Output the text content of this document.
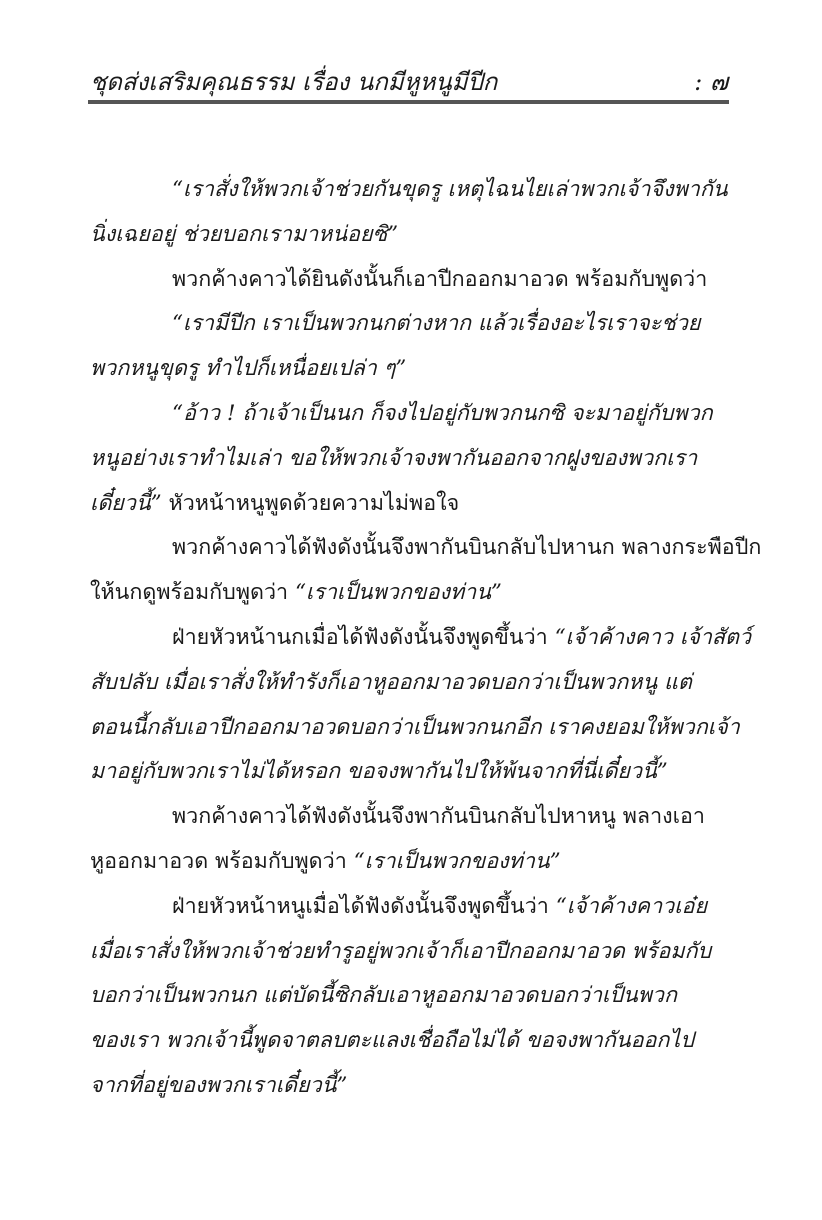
ชุดส่งเสริมคุณธรรม เรื่อง นกมีหูหนูมีปีก	: ๗
“เราสั่งให้พวกเจ้าช่วยกันขุดรู เหตุไฉนไยเล่าพวกเจ้าจึงพากัน
นิ่งเฉยอยู่ ช่วยบอกเรามาหน่อยซิ”
พวกค้างคาวได้ยินดังนั้นก็เอาปีกออกมาอวด พร้อมกับพูดว่า
“เรามีปีก เราเป็นพวกนกต่างหาก แล้วเรื่องอะไรเราจะช่วย
พวกหนูขุดรู ทำไปก็เหนื่อยเปล่า ๆ”
“อ้าว ! ถ้าเจ้าเป็นนก ก็จงไปอยู่กับพวกนกซิ จะมาอยู่กับพวก
หนูอย่างเราทำไมเล่า ขอให้พวกเจ้าจงพากันออกจากฝูงของพวกเรา
เดี๋ยวนี้” หัวหน้าหนูพูดด้วยความไม่พอใจ
พวกค้างคาวได้ฟังดังนั้นจึงพากันบินกลับไปหานก พลางกระพือปีก
ให้นกดูพร้อมกับพูดว่า “เราเป็นพวกของท่าน”
ฝ่ายหัวหน้านกเมื่อได้ฟังดังนั้นจึงพูดขึ้นว่า “เจ้าค้างคาว เจ้าสัตว์
สับปลับ เมื่อเราสั่งให้ทำรังก็เอาหูออกมาอวดบอกว่าเป็นพวกหนู แต่
ตอนนี้กลับเอาปีกออกมาอวดบอกว่าเป็นพวกนกอีก เราคงยอมให้พวกเจ้า
มาอยู่กับพวกเราไม่ได้หรอก ขอจงพากันไปให้พ้นจากที่นี่เดี๋ยวนี้”
พวกค้างคาวได้ฟังดังนั้นจึงพากันบินกลับไปหาหนู พลางเอา
หูออกมาอวด พร้อมกับพูดว่า “เราเป็นพวกของท่าน”
ฝ่ายหัวหน้าหนูเมื่อได้ฟังดังนั้นจึงพูดขึ้นว่า “เจ้าค้างคาวเอ๋ย
เมื่อเราสั่งให้พวกเจ้าช่วยทำรูอยู่พวกเจ้าก็เอาปีกออกมาอวด พร้อมกับ
บอกว่าเป็นพวกนก แต่บัดนี้ซิกลับเอาหูออกมาอวดบอกว่าเป็นพวก
ของเรา พวกเจ้านี้พูดจาตลบตะแลงเชื่อถือไม่ได้ ขอจงพากันออกไป
จากที่อยู่ของพวกเราเดี๋ยวนี้”
